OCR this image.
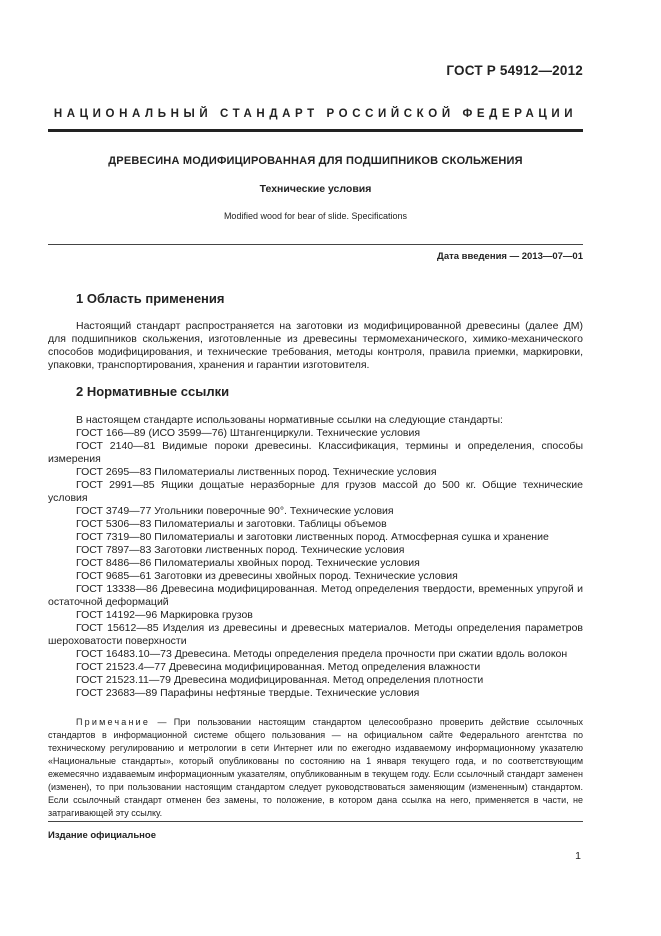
ГОСТ Р 54912—2012
НАЦИОНАЛЬНЫЙ СТАНДАРТ РОССИЙСКОЙ ФЕДЕРАЦИИ
ДРЕВЕСИНА МОДИФИЦИРОВАННАЯ ДЛЯ ПОДШИПНИКОВ СКОЛЬЖЕНИЯ
Технические условия
Modified wood for bear of slide. Specifications
Дата введения — 2013—07—01
1 Область применения

Настоящий стандарт распространяется на заготовки из модифицированной древесины (далее ДМ) для подшипников скольжения, изготовленные из древесины термомеханического, химико-механического способов модифицирования, и технические требования, методы контроля, правила приемки, маркировки, упаковки, транспортирования, хранения и гарантии изготовителя.

2 Нормативные ссылки

В настоящем стандарте использованы нормативные ссылки на следующие стандарты:

ГОСТ 166—89 (ИСО 3599—76) Штангенциркули. Технические условия

ГОСТ 2140—81 Видимые пороки древесины. Классификация, термины и определения, способы измерения

ГОСТ 2695—83 Пиломатериалы лиственных пород. Технические условия

ГОСТ 2991—85 Ящики дощатые неразборные для грузов массой до 500 кг. Общие технические условия

ГОСТ 3749—77 Угольники поверочные 90°. Технические условия

ГОСТ 5306—83 Пиломатериалы и заготовки. Таблицы объемов

ГОСТ 7319—80 Пиломатериалы и заготовки лиственных пород. Атмосферная сушка и хранение

ГОСТ 7897—83 Заготовки лиственных пород. Технические условия

ГОСТ 8486—86 Пиломатериалы хвойных пород. Технические условия

ГОСТ 9685—61 Заготовки из древесины хвойных пород. Технические условия

ГОСТ 13338—86 Древесина модифицированная. Метод определения твердости, временных упругой и остаточной деформаций

ГОСТ 14192—96 Маркировка грузов

ГОСТ 15612—85 Изделия из древесины и древесных материалов. Методы определения параметров шероховатости поверхности

ГОСТ 16483.10—73 Древесина. Методы определения предела прочности при сжатии вдоль волокон

ГОСТ 21523.4—77 Древесина модифицированная. Метод определения влажности

ГОСТ 21523.11—79 Древесина модифицированная. Метод определения плотности

ГОСТ 23683—89 Парафины нефтяные твердые. Технические условия

Примечание — При пользовании настоящим стандартом целесообразно проверить действие ссылочных стандартов в информационной системе общего пользования — на официальном сайте Федерального агентства по техническому регулированию и метрологии в сети Интернет или по ежегодно издаваемому информационному указателю «Национальные стандарты», который опубликованы по состоянию на 1 января текущего года, и по соответствующим ежемесячно издаваемым информационным указателям, опубликованным в текущем году. Если ссылочный стандарт заменен (изменен), то при пользовании настоящим стандартом следует руководствоваться заменяющим (измененным) стандартом. Если ссылочный стандарт отменен без замены, то положение, в котором дана ссылка на него, применяется в части, не затрагивающей эту ссылку.
Издание официальное
1
